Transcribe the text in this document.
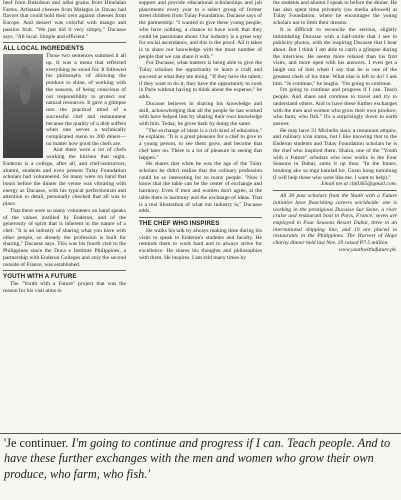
beef from Bukidnon and adlai grains from Hinelalan Farms. Artisanal cheeses from Malagos in Davao had flavors that could hold their own against cheeses from Europe. And dessert was colorful with mango and passion fruit. "We just did it very simply," Ducasse says. "All local. Simple and efficient."

ALL LOCAL INGREDIENTS

Those two sentences summed it all up. It was a menu that reflected everything he stood for. It followed his philosophy of allowing the produce to shine, of working with the seasons, of being conscious of our responsibility to protect our natural resources. It gave a glimpse into the practical mind of a successful chef and restaurateur because the quality of a dish suffers when one serves a technically complicated menu to 200 diners—no matter how good the chefs are.

And there were a lot of chefs working the kitchen that night. Enderun is a college, after all, and chef-instructors, alumni, students and even present Tulay Foundation scholars had volunteered. So many were on hand that hours before the dinner the venue was vibrating with energy as Ducasse, with his typical perfectionism and attention to detail, personally checked that all was in place.

That there were so many volunteers on hand speaks of the values instilled by Enderun, and of the generosity of spirit that is inherent in the nature of a chef. "It is an industry of sharing what you have with other people, so already the profession is built for sharing," Ducasse says. This was his fourth visit to the Philippines since the Duca e Institute Philippines, a partnership with Enderun Colleges and only the second outside of France, was established.

YOUTH WITH A FUTURE

The "Youth with a Future" project that was the reason for his visit aims to

support and provide educational scholarships and job placements every year to a select group of former street children from Tulay Foundation. Ducasse says of the partnership: "I wanted to give these young people, who have nothing, a chance to have work that they could be passionate about. Our industry is a great way for social ascendance, and this is the proof. All it takes is to share our knowledge with the most number of people that we can share it with."

For Ducasse, what matters is being able to give the Tulay scholars the opportunity to learn a craft and succeed at what they are doing. "If they have the talent, if they want to do it, they have the opportunity to cook in Paris without having to think about the expense," he adds.

Ducasse believes in sharing his knowledge and skill, acknowledging that all the people he has worked with have helped him by sharing their own knowledge with him. Today, he gives back by doing the same.

"The exchange of ideas is a rich kind of education," he explains. "It is a great pleasure for a chef to give to a young person, to see them grow, and become that chef later on. There is a lot of pleasure in seeing that happen."

He shares that when he was the age of the Tulay scholars he didn't realize that the culinary profession could be so interesting for so many people. "Now I know that the table can be the center of exchange and harmony. Even if men and women don't agree, at the table there is harmony and the exchange of ideas. That is a real illustration of what our industry is," Ducasse adds.

THE CHEF WHO INSPIRES

He walks his talk by always making time during his visits to speak to Enderun's students and faculty. He reminds them to work hard and to always strive for excellence. He shares his thoughts and philosophies with them. He inspires. I am told many times by

the students and alumni I speak to before the dinner. He has also spent time privately (no media allowed) at Tulay Foundation, where he encourages the young scholars not to limit their dreams.

It is difficult to reconcile the serious, slightly intimidating Ducasse with a half-smile that I see in publicity photos, with the inspiring Ducasse that I hear about. But I think I am able to catch a glimpse during the interview. He seems more relaxed than his first visits, and more open with his answers. I even get a laugh out of him when I say that he is one of the greatest chefs of his time. What else is left to do? I ask him. "Je continue," he laughs. "I'm going to continue.

I'm going to continue and progress if I can. Teach people. And share and continue to travel and try to understand others. And to have these further exchanges with the men and women who grow their own produce, who farm, who fish." It's a surprisingly down to earth answer.

He may have 21 Michelin stars, a restaurant empire, and culinary icon status, but I like knowing that to the Enderun students and Tulay Foundation scholars he is the chef who inspired them. Shaira, one of the "Youth with a Future" scholars who now works in the Four Seasons in Dubai, sums it up thus: "In the future, tutulong ako sa mga katulad ko. Gusto kong tumulong (I will help those who were like me. I want to help)."

Email me at cbj0365@gmail.com.

All 30 past scholars from the Youth with a Future initiative have flourishing careers worldwide: one is working in the prestigious Ducasse Sur Seine, a river cruise and restaurant boat in Paris, France; seven are employed in Four Seasons Resort Dubai, three in an international shipping line, and 19 are placed in restaurants in the Philippines. The Harvest of Hope charity dinner held last Nov. 29 raised P7.5 million.

www.youthwithafuture.ph.

'Je continuer. I'm going to continue and progress if I can. Teach people. And to have these further exchanges with the men and women who grow their own produce, who farm, who fish.'
